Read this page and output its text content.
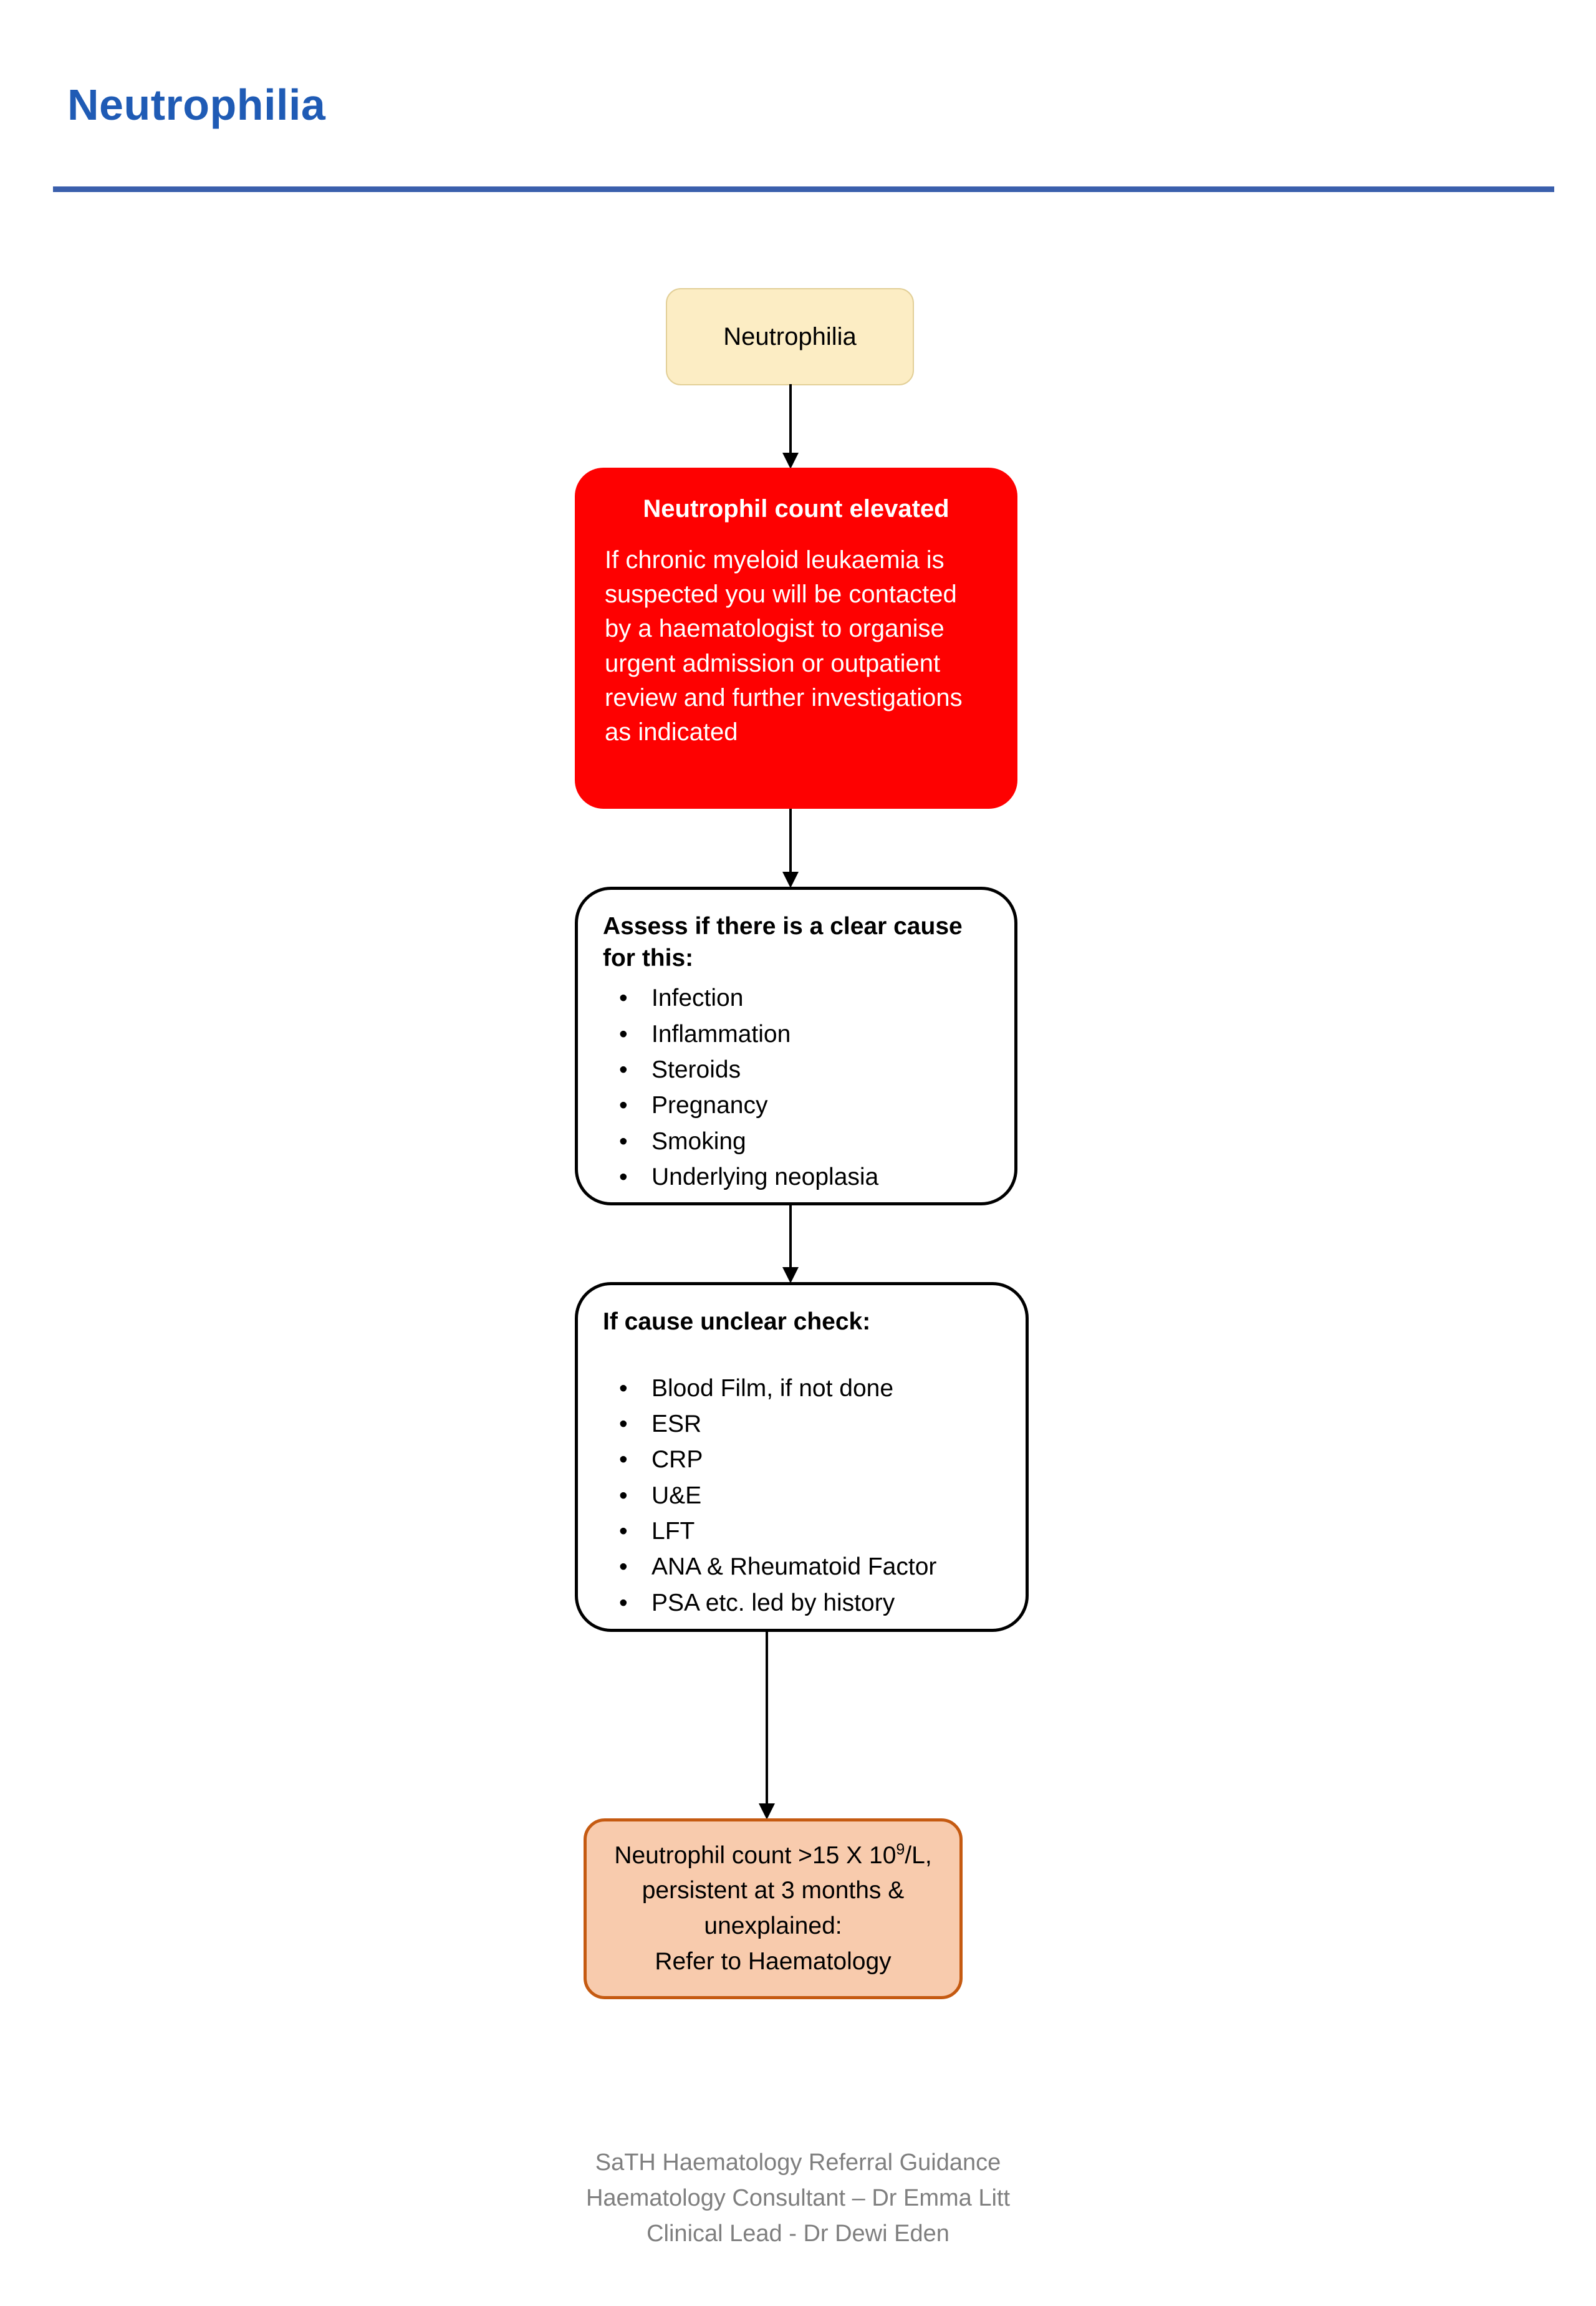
Neutrophilia
Neutrophilia
Neutrophil count elevated
If chronic myeloid leukaemia is suspected you will be contacted by a haematologist to organise urgent admission or outpatient review and further investigations as indicated
Assess if there is a clear cause for this:
• Infection
• Inflammation
• Steroids
• Pregnancy
• Smoking
• Underlying neoplasia
If cause unclear check:
• Blood Film, if not done
• ESR
• CRP
• U&E
• LFT
• ANA & Rheumatoid Factor
• PSA etc. led by history
Neutrophil count >15 X $10^9/L$,
persistent at 3 months &
unexplained:
Refer to Haematology
SaTH Haematology Referral Guidance
Haematology Consultant – Dr Emma Litt
Clinical Lead - Dr Dewi Eden
